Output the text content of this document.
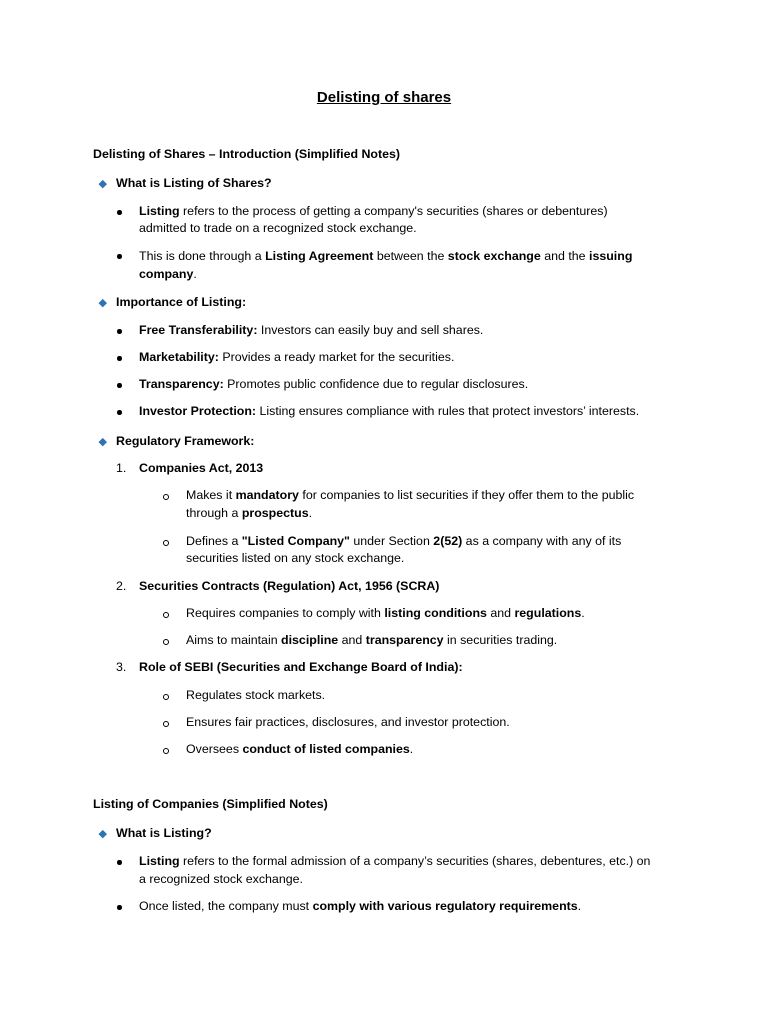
Delisting of shares
Delisting of Shares – Introduction (Simplified Notes)
What is Listing of Shares?
Listing refers to the process of getting a company's securities (shares or debentures)
admitted to trade on a recognized stock exchange.
This is done through a Listing Agreement between the stock exchange and the issuing
company.
Importance of Listing:
Free Transferability: Investors can easily buy and sell shares.
Marketability: Provides a ready market for the securities.
Transparency: Promotes public confidence due to regular disclosures.
Investor Protection: Listing ensures compliance with rules that protect investors’ interests.
Regulatory Framework:
1. Companies Act, 2013
Makes it mandatory for companies to list securities if they offer them to the public
through a prospectus.
Defines a "Listed Company" under Section 2(52) as a company with any of its
securities listed on any stock exchange.
2. Securities Contracts (Regulation) Act, 1956 (SCRA)
Requires companies to comply with listing conditions and regulations.
Aims to maintain discipline and transparency in securities trading.
3. Role of SEBI (Securities and Exchange Board of India):
Regulates stock markets.
Ensures fair practices, disclosures, and investor protection.
Oversees conduct of listed companies.
Listing of Companies (Simplified Notes)
What is Listing?
Listing refers to the formal admission of a company’s securities (shares, debentures, etc.) on
a recognized stock exchange.
Once listed, the company must comply with various regulatory requirements.
